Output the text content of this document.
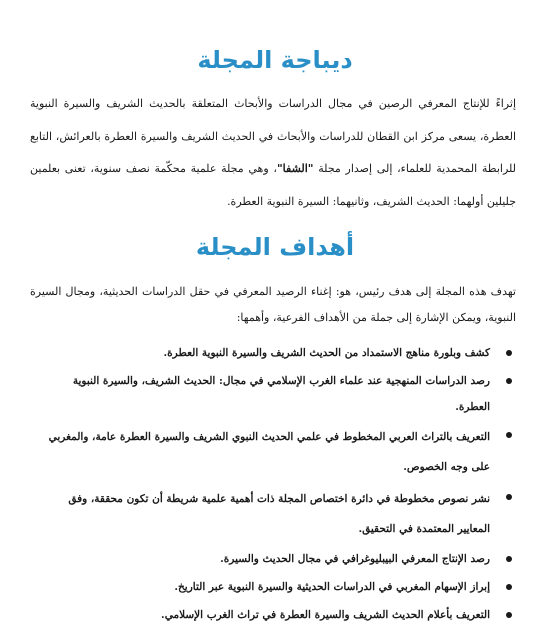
ديباجة المجلة

إثراءً للإنتاج المعرفي الرصين في مجال الدراسات والأبحاث المتعلقة بالحديث الشريف والسيرة النبوية العطرة، يسعى مركز ابن القطان للدراسات والأبحاث في الحديث الشريف والسيرة العطرة بالعرائش، التابع للرابطة المحمدية للعلماء، إلى إصدار مجلة "الشفا"، وهي مجلة علمية محكّمة نصف سنوية، تعنى بعلمين جليلين أولهما: الحديث الشريف، وثانيهما: السيرة النبوية العطرة.

أهداف المجلة

تهدف هذه المجلة إلى هدف رئيس، هو: إغناء الرصيد المعرفي في حقل الدراسات الحديثية، ومجال السيرة النبوية، ويمكن الإشارة إلى جملة من الأهداف الفرعية، وأهمها:

كشف وبلورة مناهج الاستمداد من الحديث الشريف والسيرة النبوية العطرة.
رصد الدراسات المنهجية عند علماء الغرب الإسلامي في مجال: الحديث الشريف، والسيرة النبوية العطرة.
التعريف بالتراث العربي المخطوط في علمي الحديث النبوي الشريف والسيرة العطرة عامة، والمغربي على وجه الخصوص.
نشر نصوص مخطوطة في دائرة اختصاص المجلة ذات أهمية علمية شريطة أن تكون محققة، وفق المعايير المعتمدة في التحقيق.
رصد الإنتاج المعرفي البيبليوغرافي في مجال الحديث والسيرة.
إبراز الإسهام المغربي في الدراسات الحديثية والسيرة النبوية عبر التاريخ.
التعريف بأعلام الحديث الشريف والسيرة العطرة في تراث الغرب الإسلامي.
